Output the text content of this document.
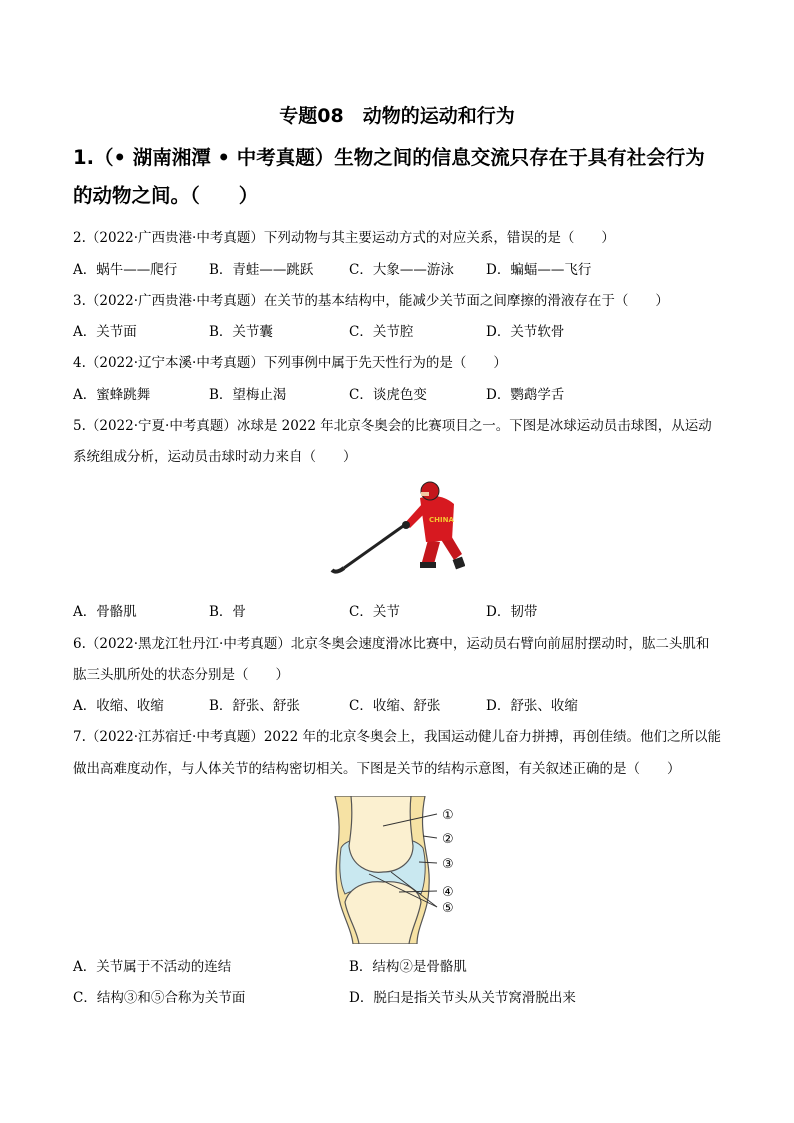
专题08　动物的运动和行为
1.（• 湖南湘潭 • 中考真题）生物之间的信息交流只存在于具有社会行为
的动物之间。（　　）
2.（2022·广西贵港·中考真题）下列动物与其主要运动方式的对应关系，错误的是（　　）
A．蜗牛——爬行 B．青蛙——跳跃	C．大象——游泳 D．蝙蝠——飞行
3.（2022·广西贵港·中考真题）在关节的基本结构中，能减少关节面之间摩擦的滑液存在于（　　）
A．关节面	B．关节囊	C．关节腔	D．关节软骨
4.（2022·辽宁本溪·中考真题）下列事例中属于先天性行为的是（　　）
A．蜜蜂跳舞	B．望梅止渴	C．谈虎色变	D．鹦鹉学舌
5.（2022·宁夏·中考真题）冰球是 2022 年北京冬奥会的比赛项目之一。下图是冰球运动员击球图，从运动
系统组成分析，运动员击球时动力来自（　　）
CHINA
A．骨骼肌	B．骨	C．关节	D．韧带
6.（2022·黑龙江牡丹江·中考真题）北京冬奥会速度滑冰比赛中，运动员右臂向前屈肘摆动时，肱二头肌和
肱三头肌所处的状态分别是（　　）
A．收缩、收缩	B．舒张、舒张	C．收缩、舒张	D．舒张、收缩
7.（2022·江苏宿迁·中考真题）2022 年的北京冬奥会上，我国运动健儿奋力拼搏，再创佳绩。他们之所以能
做出高难度动作，与人体关节的结构密切相关。下图是关节的结构示意图，有关叙述正确的是（　　）
①
②
③
④
⑤
A．关节属于不活动的连结	B．结构②是骨骼肌
C．结构③和⑤合称为关节面	D．脱臼是指关节头从关节窝滑脱出来
